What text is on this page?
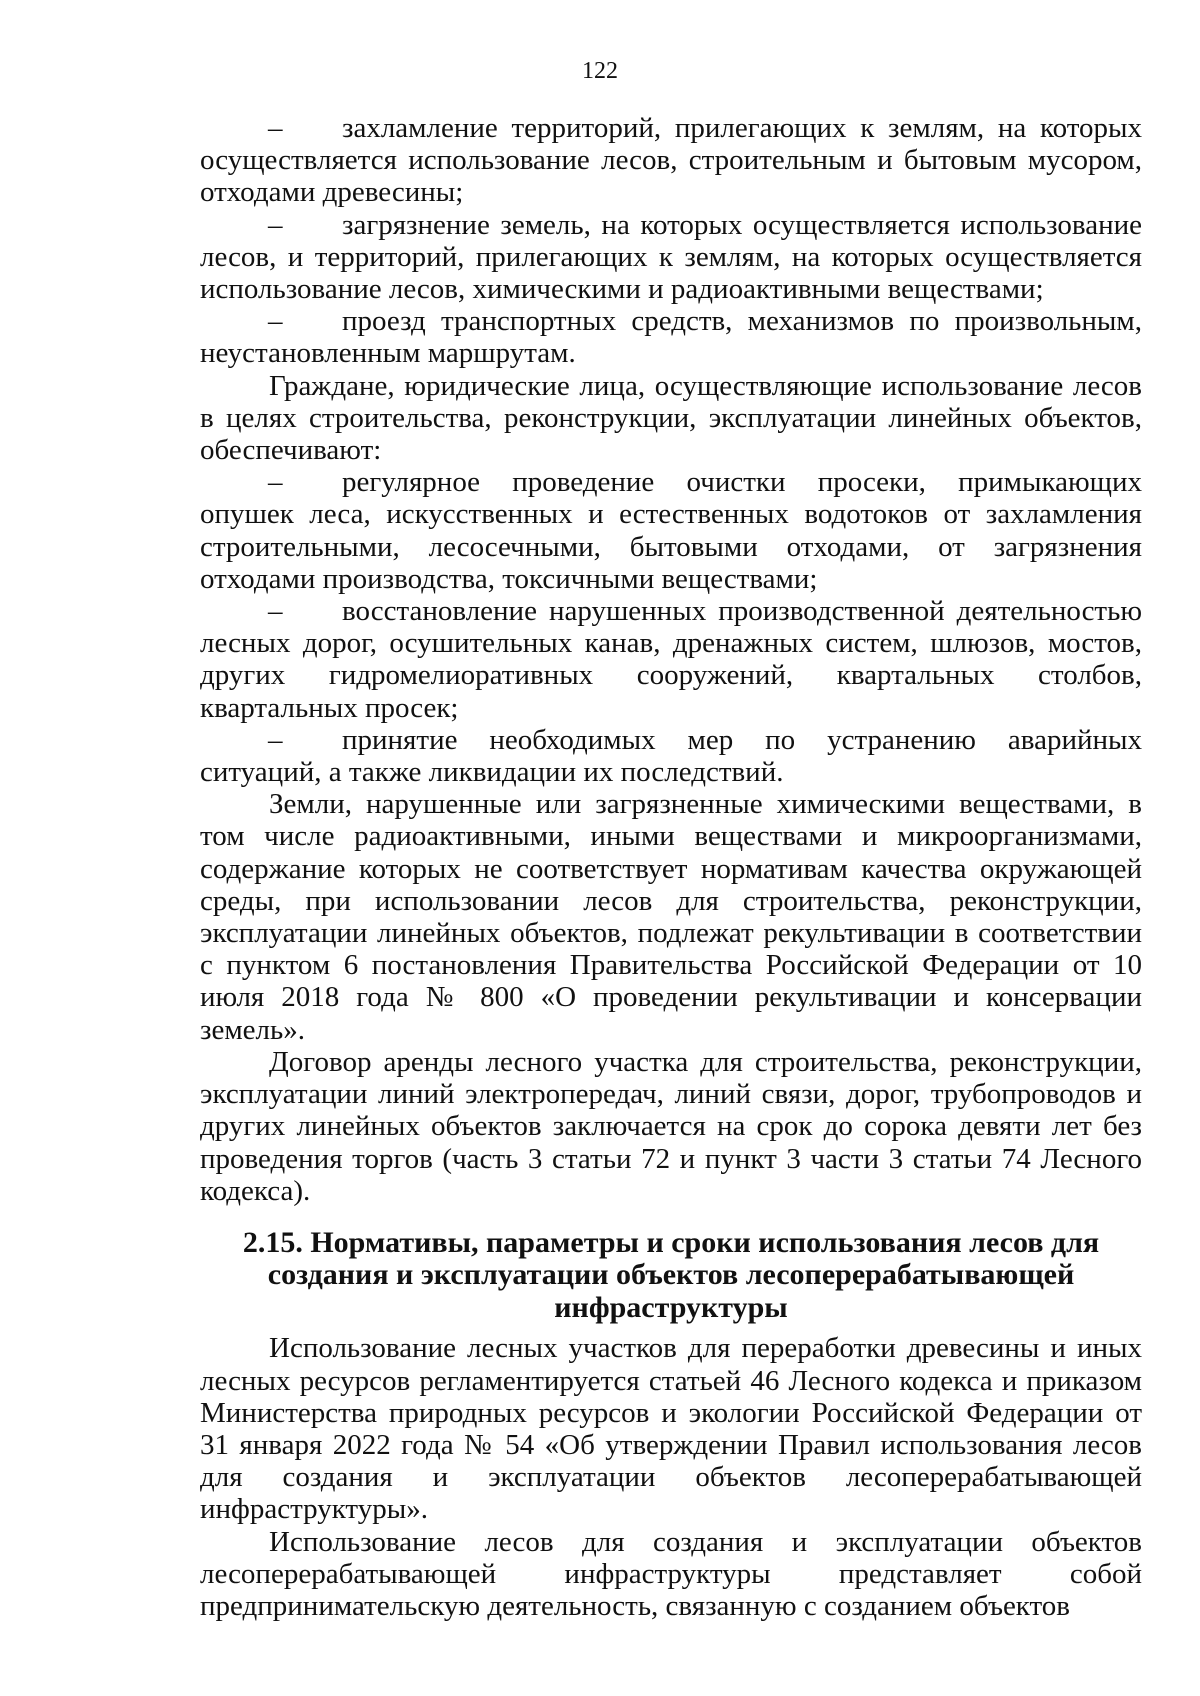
122

–	захламление территорий, прилегающих к землям, на которых осуществляется использование лесов, строительным и бытовым мусором, отходами древесины;

–	загрязнение земель, на которых осуществляется использование лесов, и территорий, прилегающих к землям, на которых осуществляется использование лесов, химическими и радиоактивными веществами;

–	проезд транспортных средств, механизмов по произвольным, неустановленным маршрутам.

Граждане, юридические лица, осуществляющие использование лесов в целях строительства, реконструкции, эксплуатации линейных объектов, обеспечивают:

–	регулярное проведение очистки просеки, примыкающих опушек леса, искусственных и естественных водотоков от захламления строительными, лесосечными, бытовыми отходами, от загрязнения отходами производства, токсичными веществами;

–	восстановление нарушенных производственной деятельностью лесных дорог, осушительных канав, дренажных систем, шлюзов, мостов, других гидромелиоративных сооружений, квартальных столбов, квартальных просек;

–	принятие необходимых мер по устранению аварийных ситуаций, а также ликвидации их последствий.

Земли, нарушенные или загрязненные химическими веществами, в том числе радиоактивными, иными веществами и микроорганизмами, содержание которых не соответствует нормативам качества окружающей среды, при использовании лесов для строительства, реконструкции, эксплуатации линейных объектов, подлежат рекультивации в соответствии с пунктом 6 постановления Правительства Российской Федерации от 10 июля 2018 года № 800 «О проведении рекультивации и консервации земель».

Договор аренды лесного участка для строительства, реконструкции, эксплуатации линий электропередач, линий связи, дорог, трубопроводов и других линейных объектов заключается на срок до сорока девяти лет без проведения торгов (часть 3 статьи 72 и пункт 3 части 3 статьи 74 Лесного кодекса).

2.15. Нормативы, параметры и сроки использования лесов для создания и эксплуатации объектов лесоперерабатывающей инфраструктуры

Использование лесных участков для переработки древесины и иных лесных ресурсов регламентируется статьей 46 Лесного кодекса и приказом Министерства природных ресурсов и экологии Российской Федерации от 31 января 2022 года № 54 «Об утверждении Правил использования лесов для создания и эксплуатации объектов лесоперерабатывающей инфраструктуры».

Использование лесов для создания и эксплуатации объектов лесоперерабатывающей инфраструктуры представляет собой предпринимательскую деятельность, связанную с созданием объектов
